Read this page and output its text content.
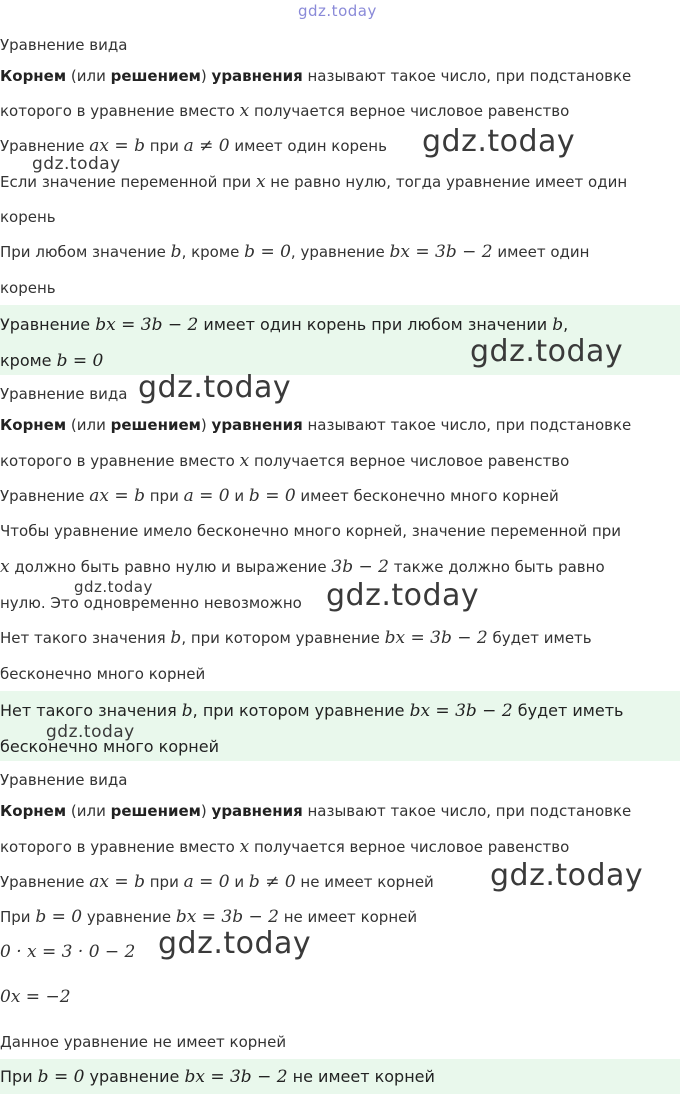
gdz.today
Уравнение вида
Корнем (или решением) уравнения называют такое число, при подстановке
которого в уравнение вместо x получается верное числовое равенство
Уравнение ax = b при a ≠ 0 имеет один корень
Если значение переменной при x не равно нулю, тогда уравнение имеет один
корень
При любом значение b, кроме b = 0, уравнение bx = 3b − 2 имеет один
корень
Уравнение bx = 3b − 2 имеет один корень при любом значении b,
кроме b = 0
Уравнение вида
Корнем (или решением) уравнения называют такое число, при подстановке
которого в уравнение вместо x получается верное числовое равенство
Уравнение ax = b при a = 0 и b = 0 имеет бесконечно много корней
Чтобы уравнение имело бесконечно много корней, значение переменной при
x должно быть равно нулю и выражение 3b − 2 также должно быть равно
нулю. Это одновременно невозможно
Нет такого значения b, при котором уравнение bx = 3b − 2 будет иметь
бесконечно много корней
Нет такого значения b, при котором уравнение bx = 3b − 2 будет иметь
бесконечно много корней
Уравнение вида
Корнем (или решением) уравнения называют такое число, при подстановке
которого в уравнение вместо x получается верное числовое равенство
Уравнение ax = b при a = 0 и b ≠ 0 не имеет корней
При b = 0 уравнение bx = 3b − 2 не имеет корней
0 · x = 3 · 0 − 2
0x = −2
Данное уравнение не имеет корней
При b = 0 уравнение bx = 3b − 2 не имеет корней
gdz.today
gdz.today
gdz.today
gdz.today
gdz.today	gdz.today
gdz.today
gdz.today
gdz.today
